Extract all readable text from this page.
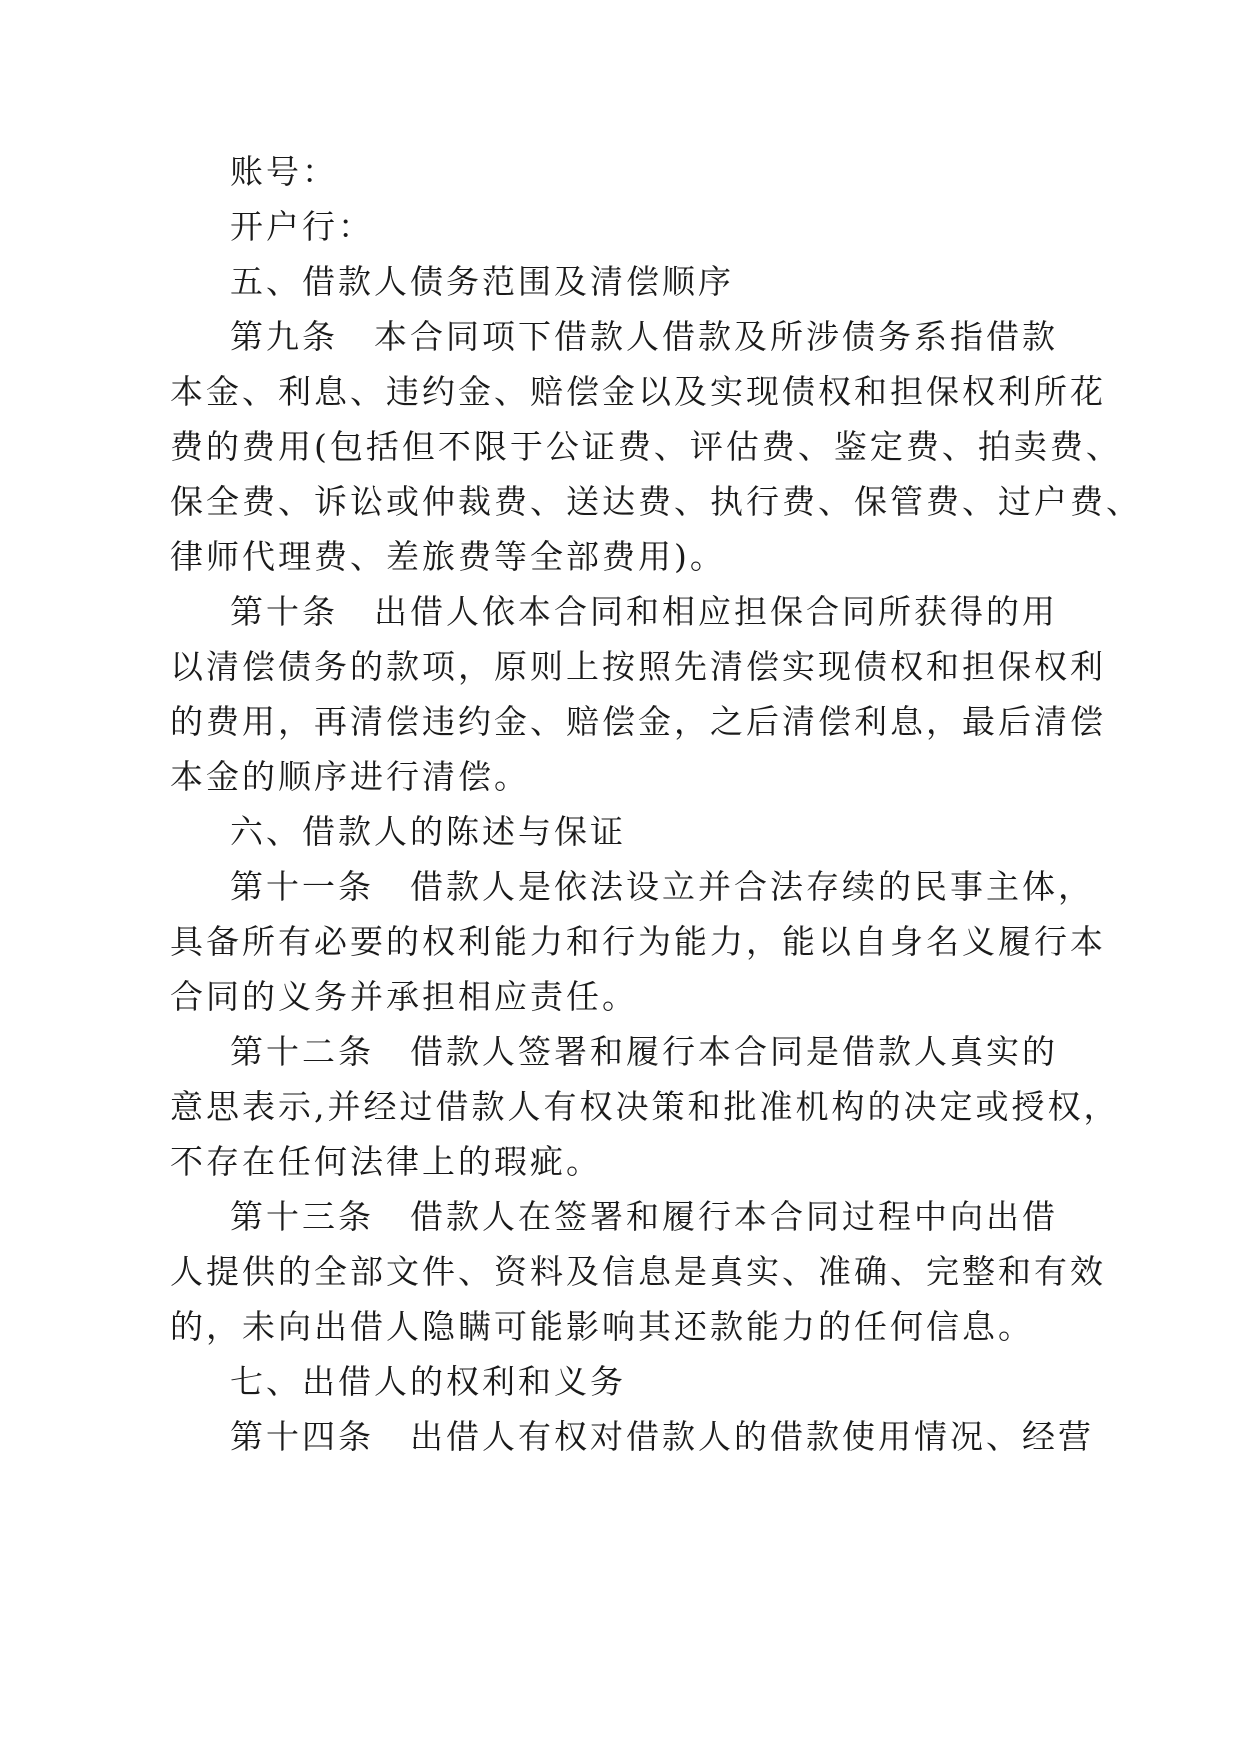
账号：

开户行：

五、借款人债务范围及清偿顺序

第九条　本合同项下借款人借款及所涉债务系指借款

本金、利息、违约金、赔偿金以及实现债权和担保权利所花

费的费用(包括但不限于公证费、评估费、鉴定费、拍卖费、

保全费、诉讼或仲裁费、送达费、执行费、保管费、过户费、

律师代理费、差旅费等全部费用)。

第十条　出借人依本合同和相应担保合同所获得的用

以清偿债务的款项，原则上按照先清偿实现债权和担保权利

的费用，再清偿违约金、赔偿金，之后清偿利息，最后清偿

本金的顺序进行清偿。

六、借款人的陈述与保证

第十一条　借款人是依法设立并合法存续的民事主体，

具备所有必要的权利能力和行为能力，能以自身名义履行本

合同的义务并承担相应责任。

第十二条　借款人签署和履行本合同是借款人真实的

意思表示,并经过借款人有权决策和批准机构的决定或授权，

不存在任何法律上的瑕疵。

第十三条　借款人在签署和履行本合同过程中向出借

人提供的全部文件、资料及信息是真实、准确、完整和有效

的，未向出借人隐瞒可能影响其还款能力的任何信息。

七、出借人的权利和义务

第十四条　出借人有权对借款人的借款使用情况、经营
